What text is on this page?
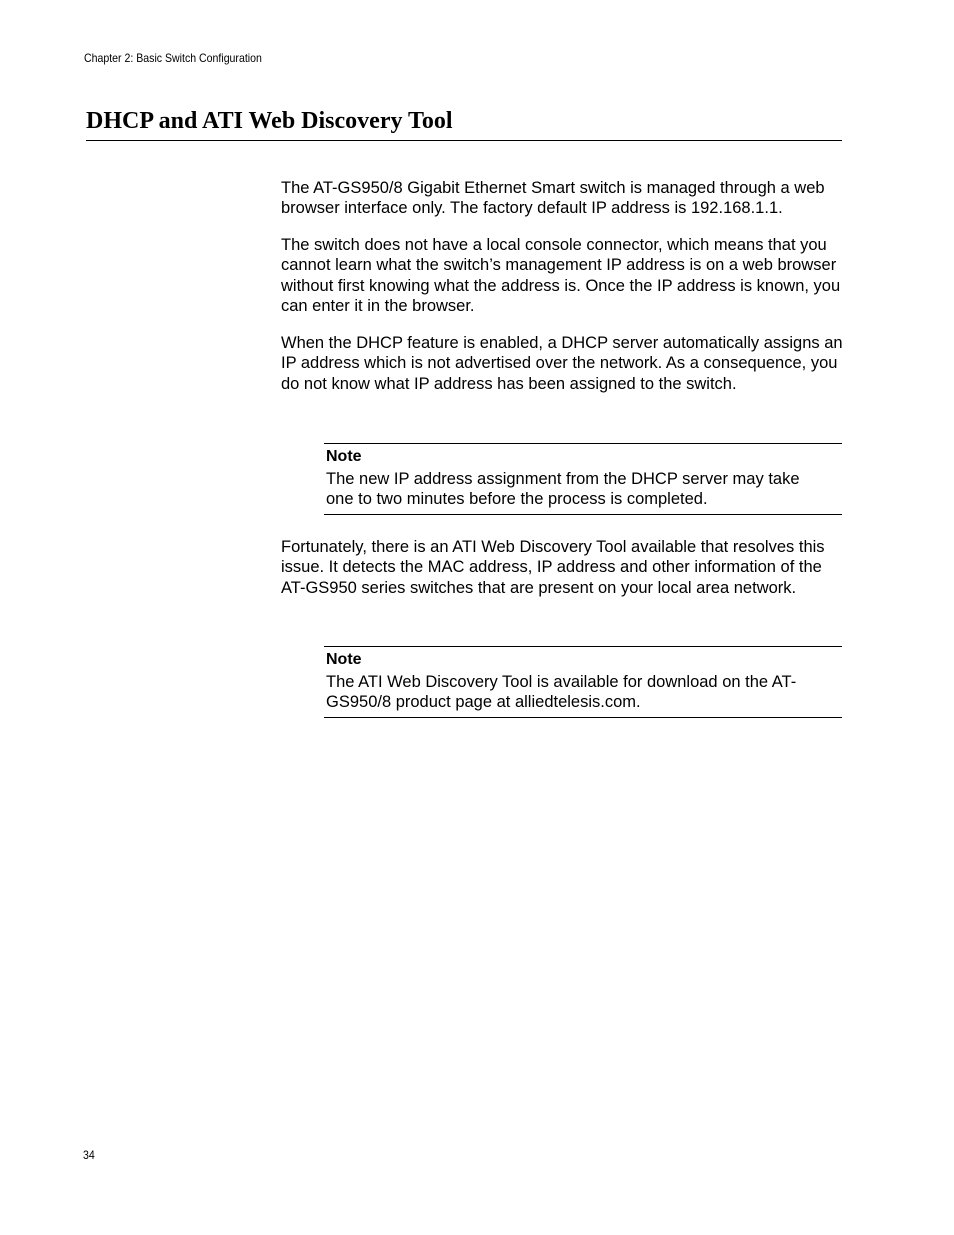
Chapter 2: Basic Switch Configuration
DHCP and ATI Web Discovery Tool

The AT-GS950/8 Gigabit Ethernet Smart switch is managed through a web browser interface only. The factory default IP address is 192.168.1.1.

The switch does not have a local console connector, which means that you cannot learn what the switch’s management IP address is on a web browser without first knowing what the address is. Once the IP address is known, you can enter it in the browser.

When the DHCP feature is enabled, a DHCP server automatically assigns an IP address which is not advertised over the network. As a consequence, you do not know what IP address has been assigned to the switch.

Note

The new IP address assignment from the DHCP server may take one to two minutes before the process is completed.

Fortunately, there is an ATI Web Discovery Tool available that resolves this issue. It detects the MAC address, IP address and other information of the AT-GS950 series switches that are present on your local area network.

Note

The ATI Web Discovery Tool is available for download on the AT-GS950/8 product page at alliedtelesis.com.

34
